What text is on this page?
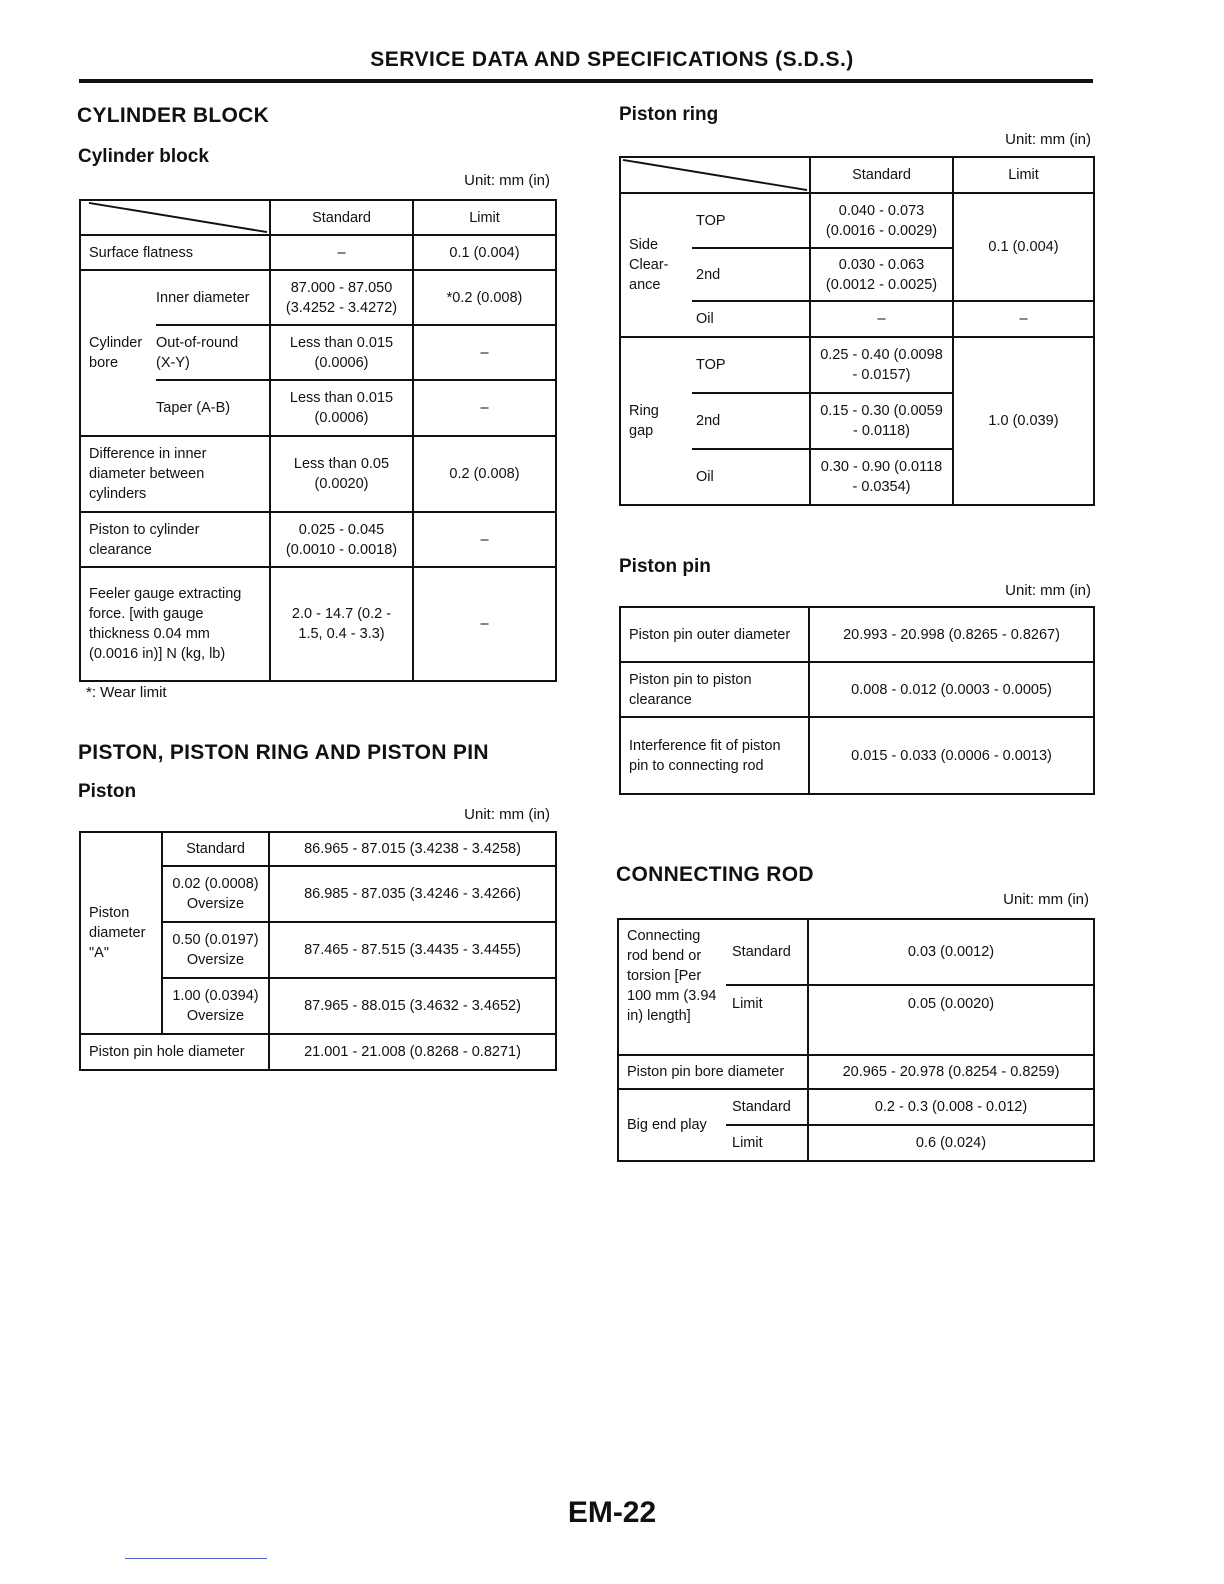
SERVICE DATA AND SPECIFICATIONS (S.D.S.)
CYLINDER BLOCK
Cylinder block
Unit: mm (in)
	Standard	Limit
Surface flatness		–	0.1 (0.004)
Cylinder bore	Inner diameter	87.000 - 87.050 (3.4252 - 3.4272)	*0.2 (0.008)
	Out-of-round (X-Y)	Less than 0.015 (0.0006)	–
	Taper (A-B)	Less than 0.015 (0.0006)	–
Difference in inner diameter between cylinders		Less than 0.05 (0.0020)	0.2 (0.008)
Piston to cylinder clearance		0.025 - 0.045 (0.0010 - 0.0018)	–
Feeler gauge extracting force. [with gauge thickness 0.04 mm (0.0016 in)] N (kg, lb)		2.0 - 14.7 (0.2 - 1.5, 0.4 - 3.3)	–
*: Wear limit
PISTON, PISTON RING AND PISTON PIN
Piston
Unit: mm (in)
Piston diameter "A"	Standard	86.965 - 87.015 (3.4238 - 3.4258)
	0.02 (0.0008) Oversize	86.985 - 87.035 (3.4246 - 3.4266)
	0.50 (0.0197) Oversize	87.465 - 87.515 (3.4435 - 3.4455)
	1.00 (0.0394) Oversize	87.965 - 88.015 (3.4632 - 3.4652)
Piston pin hole diameter		21.001 - 21.008 (0.8268 - 0.8271)
Piston ring
Unit: mm (in)
	Standard	Limit
Side Clear- ance	TOP	0.040 - 0.073 (0.0016 - 0.0029)	0.1 (0.004)
	2nd	0.030 - 0.063 (0.0012 - 0.0025)	
	Oil	–	–
Ring gap	TOP	0.25 - 0.40 (0.0098 - 0.0157)	1.0 (0.039)
	2nd	0.15 - 0.30 (0.0059 - 0.0118)	
	Oil	0.30 - 0.90 (0.0118 - 0.0354)	
Piston pin
Unit: mm (in)
Piston pin outer diameter	20.993 - 20.998 (0.8265 - 0.8267)
Piston pin to piston clearance	0.008 - 0.012 (0.0003 - 0.0005)
Interference fit of piston pin to connecting rod	0.015 - 0.033 (0.0006 - 0.0013)
CONNECTING ROD
Unit: mm (in)
Connecting rod bend or torsion [Per 100 mm (3.94 in) length]	Standard	0.03 (0.0012)
	Limit	0.05 (0.0020)
Piston pin bore diameter		20.965 - 20.978 (0.8254 - 0.8259)
Big end play	Standard	0.2 - 0.3 (0.008 - 0.012)
	Limit	0.6 (0.024)
EM-22
